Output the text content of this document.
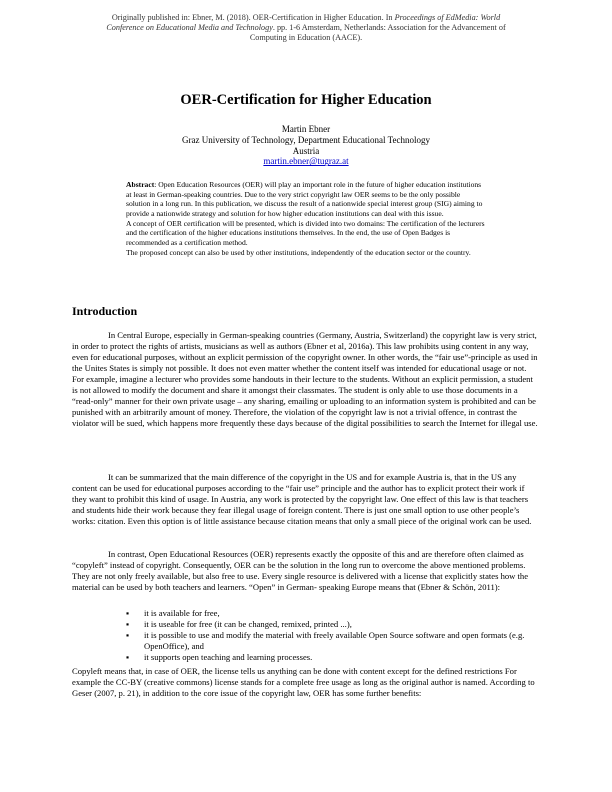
Originally published in: Ebner, M. (2018). OER-Certification in Higher Education. In Proceedings of EdMedia: World
Conference on Educational Media and Technology. pp. 1-6 Amsterdam, Netherlands: Association for the Advancement of
Computing in Education (AACE).
OER-Certification for Higher Education
Martin Ebner
Graz University of Technology, Department Educational Technology
Austria
martin.ebner@tugraz.at

Abstract: Open Education Resources (OER) will play an important role in the future of higher education institutions at least in German-speaking countries. Due to the very strict copyright law OER seems to be the only possible solution in a long run. In this publication, we discuss the result of a nationwide special interest group (SIG) aiming to provide a nationwide strategy and solution for how higher education institutions can deal with this issue.

A concept of OER certification will be presented, which is divided into two domains: The certification of the lecturers and the certification of the higher educations institutions themselves. In the end, the use of Open Badges is recommended as a certification method.

The proposed concept can also be used by other institutions, independently of the education sector or the country.

Introduction

In Central Europe, especially in German-speaking countries (Germany, Austria, Switzerland) the copyright law is very strict, in order to protect the rights of artists, musicians as well as authors (Ebner et al, 2016a). This law prohibits using content in any way, even for educational purposes, without an explicit permission of the copyright owner. In other words, the “fair use”-principle as used in the Unites States is simply not possible. It does not even matter whether the content itself was intended for educational usage or not. For example, imagine a lecturer who provides some handouts in their lecture to the students. Without an explicit permission, a student is not allowed to modify the document and share it amongst their classmates. The student is only able to use those documents in a “read-only” manner for their own private usage – any sharing, emailing or uploading to an information system is prohibited and can be punished with an arbitrarily amount of money. Therefore, the violation of the copyright law is not a trivial offence, in contrast the violator will be sued, which happens more frequently these days because of the digital possibilities to search the Internet for illegal use.

It can be summarized that the main difference of the copyright in the US and for example Austria is, that in the US any content can be used for educational purposes according to the “fair use” principle and the author has to explicit protect their work if they want to prohibit this kind of usage. In Austria, any work is protected by the copyright law. One effect of this law is that teachers and students hide their work because they fear illegal usage of foreign content. There is just one small option to use other people’s works: citation. Even this option is of little assistance because citation means that only a small piece of the original work can be used.

In contrast, Open Educational Resources (OER) represents exactly the opposite of this and are therefore often claimed as “copyleft” instead of copyright. Consequently, OER can be the solution in the long run to overcome the above mentioned problems. They are not only freely available, but also free to use. Every single resource is delivered with a license that explicitly states how the material can be used by both teachers and learners. “Open” in German- speaking Europe means that (Ebner & Schön, 2011):

▪ it is available for free,
▪ it is useable for free (it can be changed, remixed, printed ...),
▪ it is possible to use and modify the material with freely available Open Source software and open formats (e.g. OpenOffice), and
▪ it supports open teaching and learning processes.

Copyleft means that, in case of OER, the license tells us anything can be done with content except for the defined restrictions For example the CC-BY (creative commons) license stands for a complete free usage as long as the original author is named. According to Geser (2007, p. 21), in addition to the core issue of the copyright law, OER has some further benefits:
